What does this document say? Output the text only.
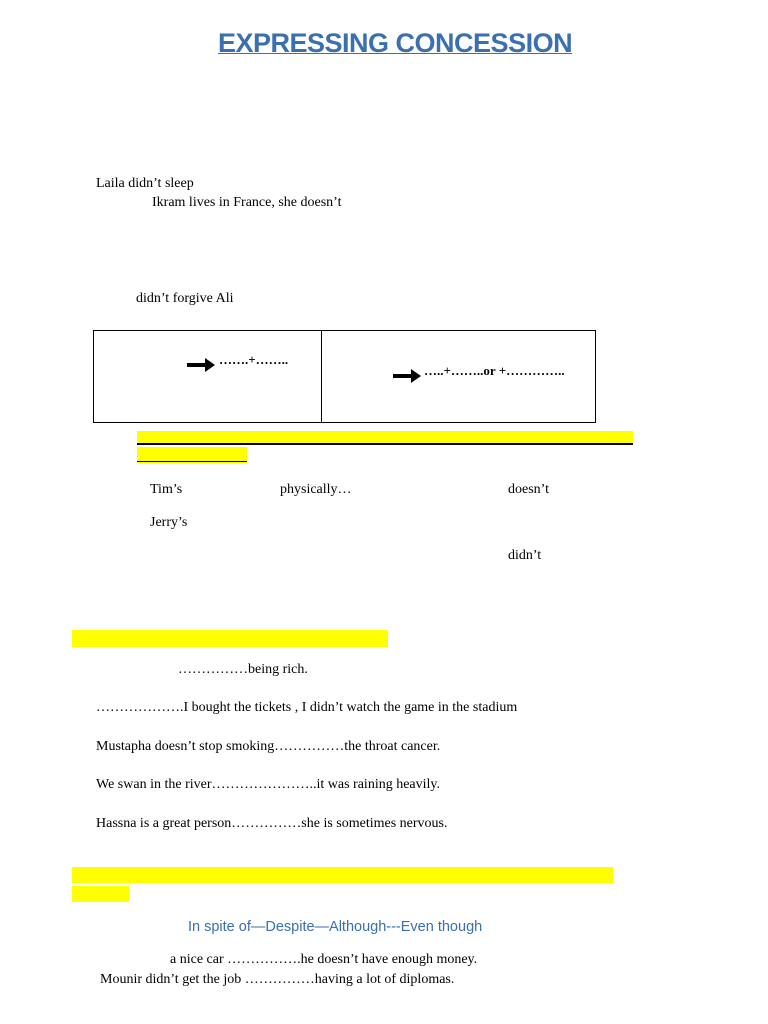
EXPRESSING CONCESSION
Laila didn’t sleep
Ikram lives in France, she doesn’t
didn’t forgive Ali
…….+……..
…..+……..or +…………..
Tim’s	physically…	doesn’t
Jerry’s
didn’t
……………being rich.
……………….I bought the tickets , I didn’t watch the game in the stadium
Mustapha doesn’t stop smoking……………the throat cancer.
We swan in the river…………………..it was raining heavily.
Hassna is a great person……………she is sometimes nervous.
In spite of—Despite—Although---Even though
a nice car …………….he doesn’t have enough money.
Mounir didn’t get the job ……………having a lot of diplomas.
